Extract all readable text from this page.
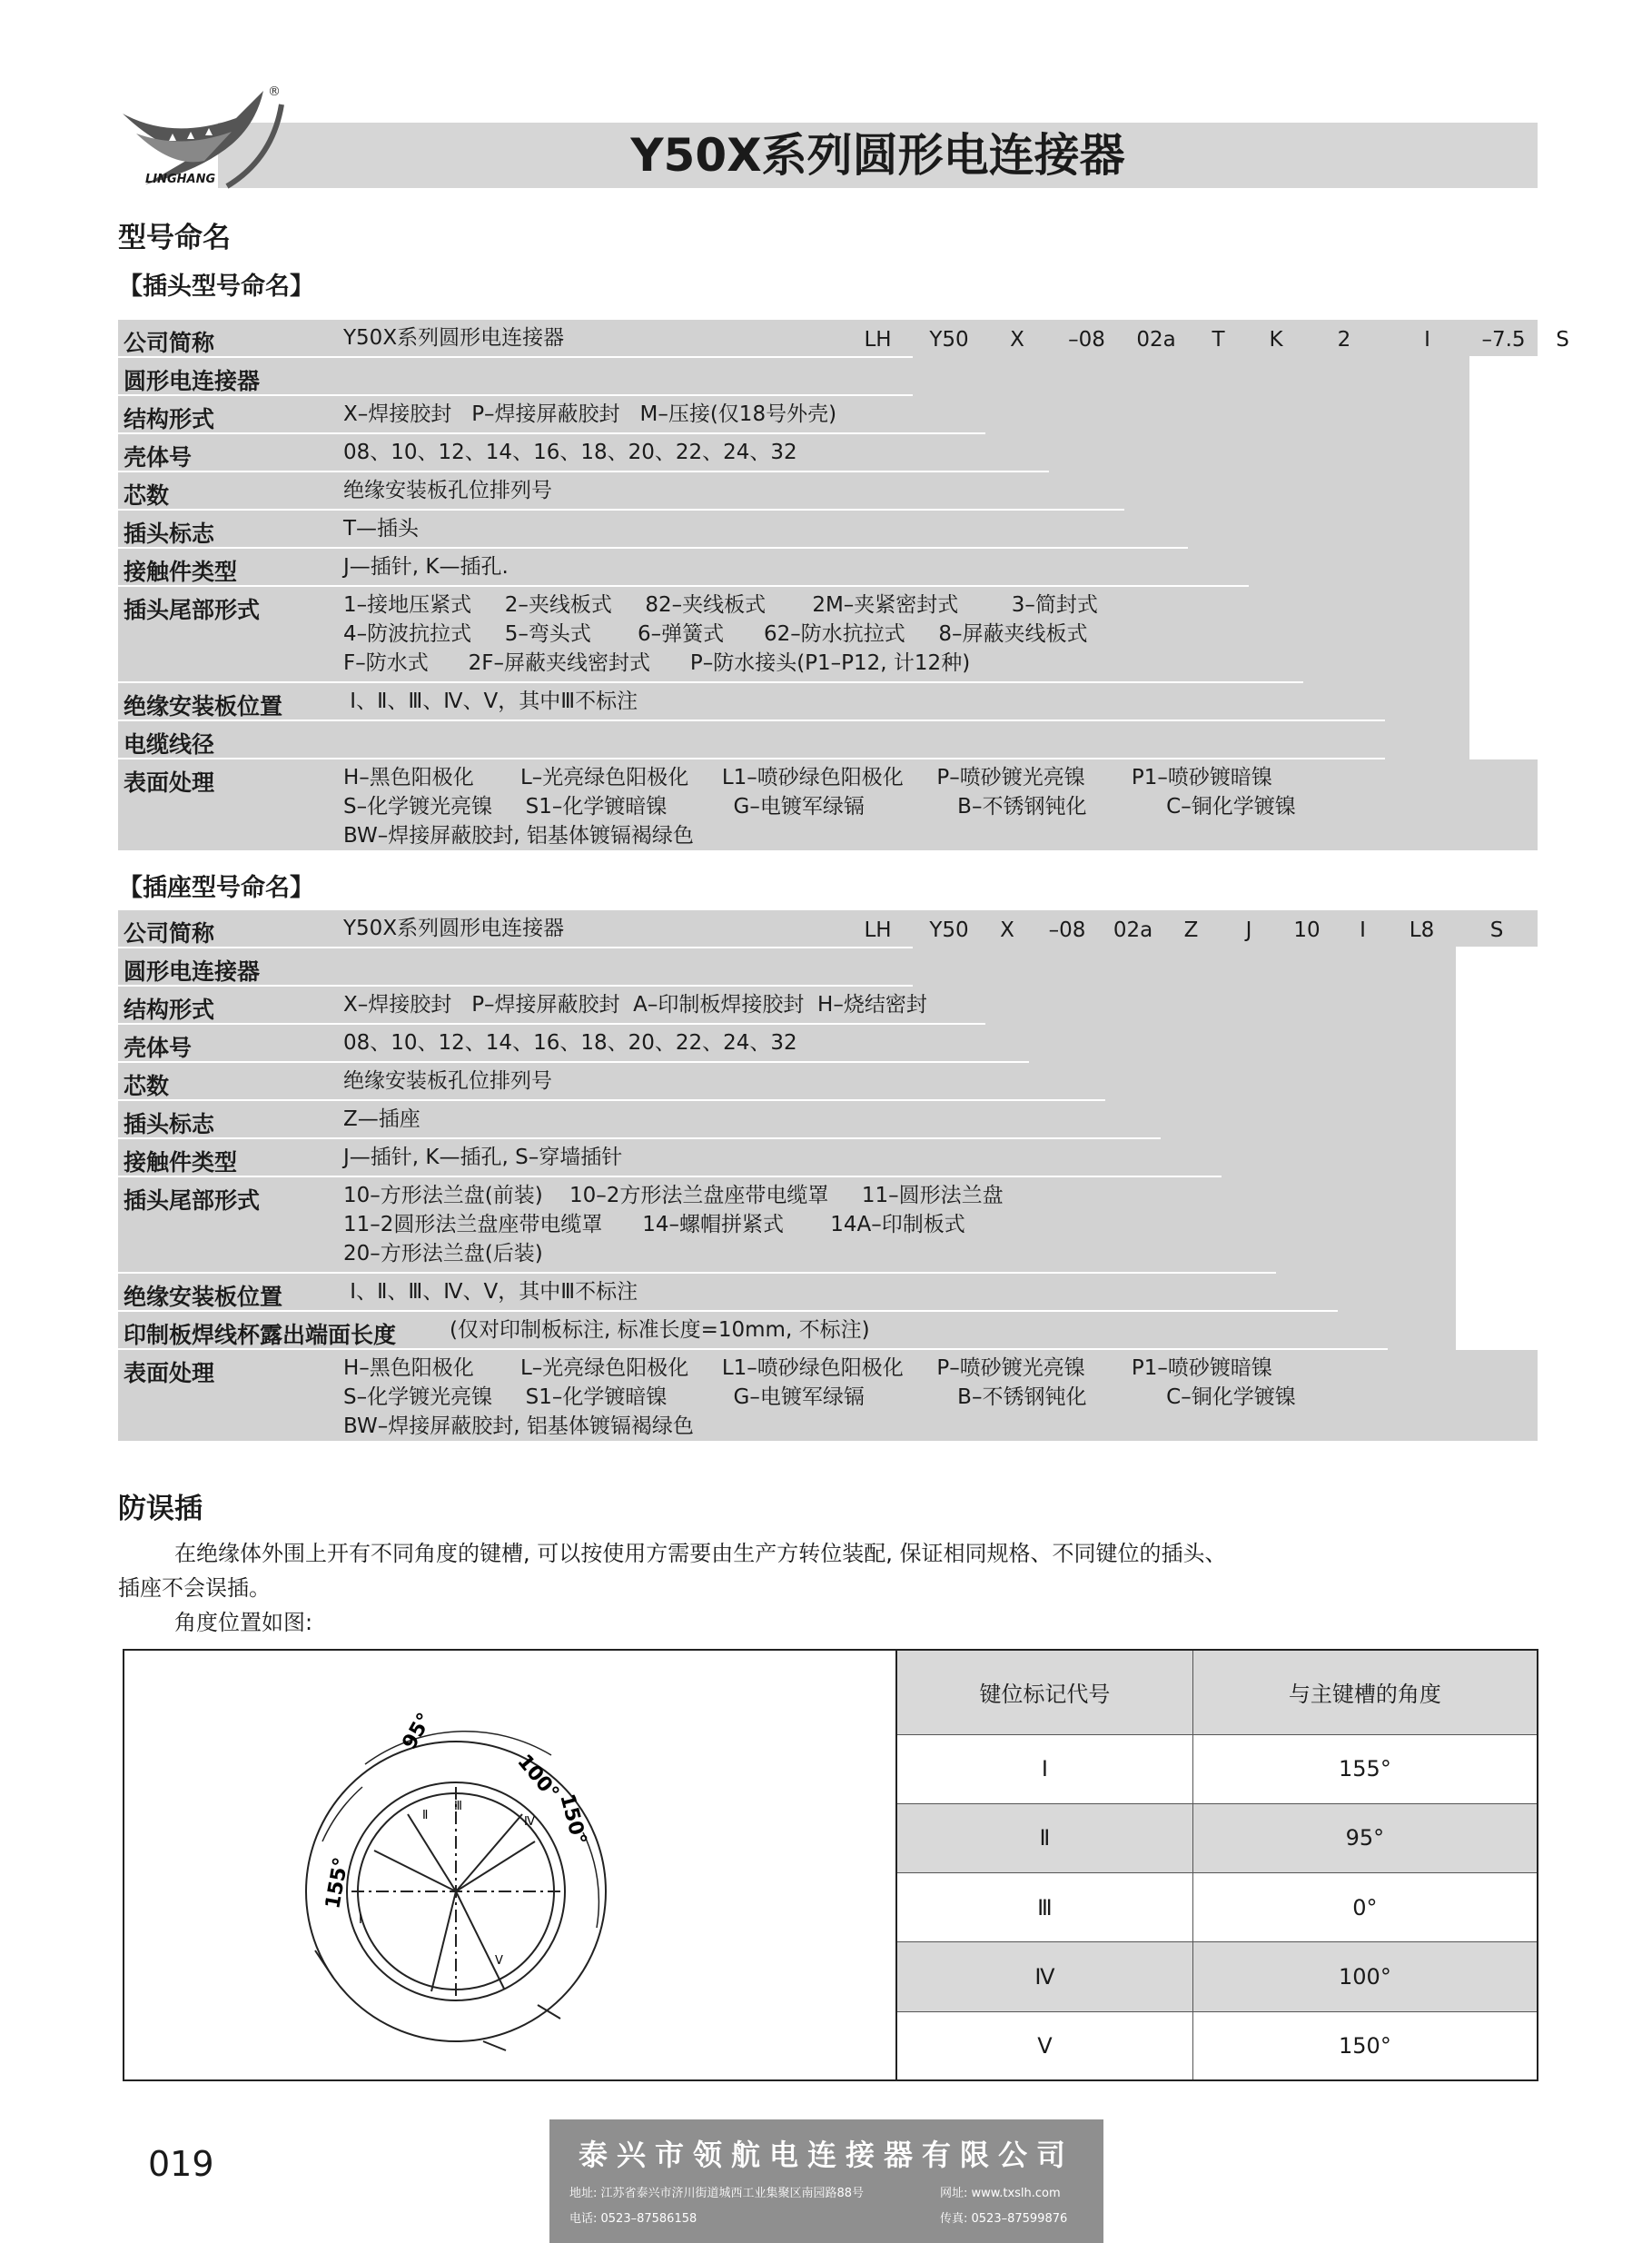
Y50X系列圆形电连接器
®
LINGHANG
型号命名
【插头型号命名】
公司简称	Y50X系列圆形电连接器
圆形电连接器
结构形式	X–焊接胶封   P–焊接屏蔽胶封   M–压接(仅18号外壳)
壳体号	08、10、12、14、16、18、20、22、24、32
芯数	绝缘安装板孔位排列号
插头标志	T—插头
接触件类型	J—插针, K—插孔.
插头尾部形式	1–接地压紧式     2–夹线板式     82–夹线板式       2M–夹紧密封式        3–简封式
4–防波抗拉式     5–弯头式       6–弹簧式      62–防水抗拉式     8–屏蔽夹线板式
F–防水式      2F–屏蔽夹线密封式      P–防水接头(P1–P12, 计12种)
绝缘安装板位置	Ⅰ、Ⅱ、Ⅲ、Ⅳ、Ⅴ，其中Ⅲ不标注
电缆线径
表面处理	H–黑色阳极化       L–光亮绿色阳极化     L1–喷砂绿色阳极化     P–喷砂镀光亮镍       P1–喷砂镀暗镍
S–化学镀光亮镍     S1–化学镀暗镍          G–电镀军绿镉              B–不锈钢钝化            C–铜化学镀镍
BW–焊接屏蔽胶封, 铝基体镀镉褐绿色
LH	Y50	X	–08	02a	T	K	2	I	–7.5	S
【插座型号命名】
公司简称	Y50X系列圆形电连接器
圆形电连接器
结构形式	X–焊接胶封   P–焊接屏蔽胶封  A–印制板焊接胶封  H–烧结密封
壳体号	08、10、12、14、16、18、20、22、24、32
芯数	绝缘安装板孔位排列号
插头标志	Z—插座
接触件类型	J—插针, K—插孔, S–穿墙插针
插头尾部形式	10–方形法兰盘(前装)    10–2方形法兰盘座带电缆罩     11–圆形法兰盘
11–2圆形法兰盘座带电缆罩      14–螺帽拼紧式       14A–印制板式
20–方形法兰盘(后装)
绝缘安装板位置	Ⅰ、Ⅱ、Ⅲ、Ⅳ、Ⅴ，其中Ⅲ不标注
印制板焊线杯露出端面长度	(仅对印制板标注, 标准长度=10mm, 不标注)
表面处理	H–黑色阳极化       L–光亮绿色阳极化     L1–喷砂绿色阳极化     P–喷砂镀光亮镍       P1–喷砂镀暗镍
S–化学镀光亮镍     S1–化学镀暗镍          G–电镀军绿镉              B–不锈钢钝化            C–铜化学镀镍
BW–焊接屏蔽胶封, 铝基体镀镉褐绿色
LH	Y50	X	–08	02a	Z	J	10	I	L8	S
防误插
在绝缘体外围上开有不同角度的键槽, 可以按使用方需要由生产方转位装配, 保证相同规格、不同键位的插头、
插座不会误插。
角度位置如图:
95°
155°
100°
150°
Ⅲ
Ⅱ
Ⅰ
Ⅳ
Ⅴ
键位标记代号	与主键槽的角度
Ⅰ	155°
Ⅱ	95°
Ⅲ	0°
Ⅳ	100°
Ⅴ	150°
019	泰兴市领航电连接器有限公司
地址: 江苏省泰兴市济川街道城西工业集聚区南园路88号	网址: www.txslh.com
电话: 0523–87586158	传真: 0523–87599876
